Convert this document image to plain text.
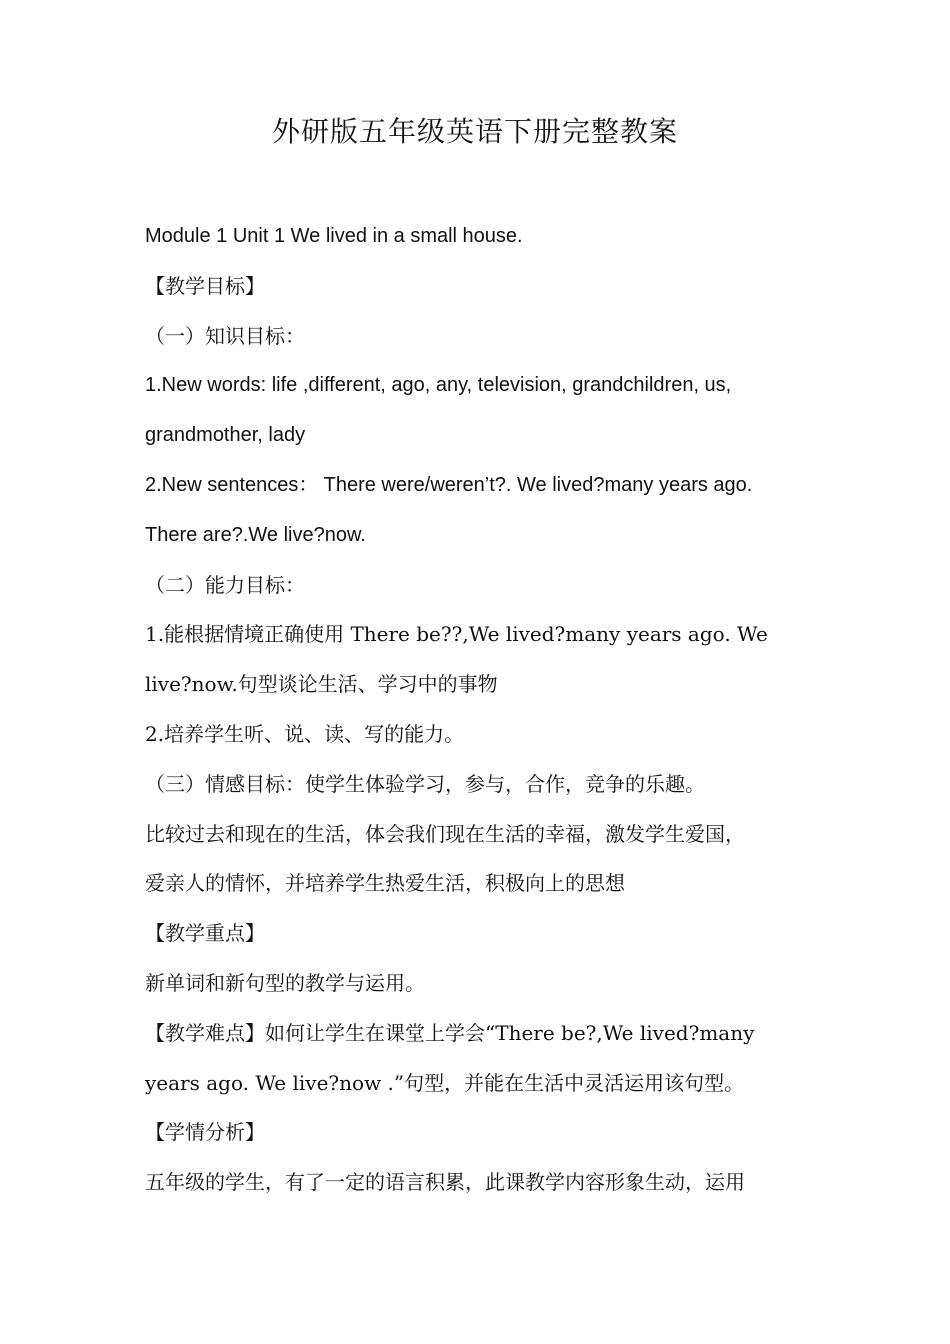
外研版五年级英语下册完整教案
Module 1 Unit 1 We lived in a small house.
【教学目标】
（一）知识目标：
1.New words: life ,different, ago, any, television, grandchildren, us,
grandmother, lady
2.New sentences： There were/weren’t?. We lived?many years ago.
There are?.We live?now.
（二）能力目标：
1.能根据情境正确使用 There be??,We lived?many years ago. We
live?now.句型谈论生活、学习中的事物
2.培养学生听、说、读、写的能力。
（三）情感目标：使学生体验学习，参与，合作，竞争的乐趣。
比较过去和现在的生活，体会我们现在生活的幸福，激发学生爱国，
爱亲人的情怀，并培养学生热爱生活，积极向上的思想
【教学重点】
新单词和新句型的教学与运用。
【教学难点】如何让学生在课堂上学会“There be?,We lived?many
years ago. We live?now .”句型，并能在生活中灵活运用该句型。
【学情分析】
五年级的学生，有了一定的语言积累，此课教学内容形象生动，运用
